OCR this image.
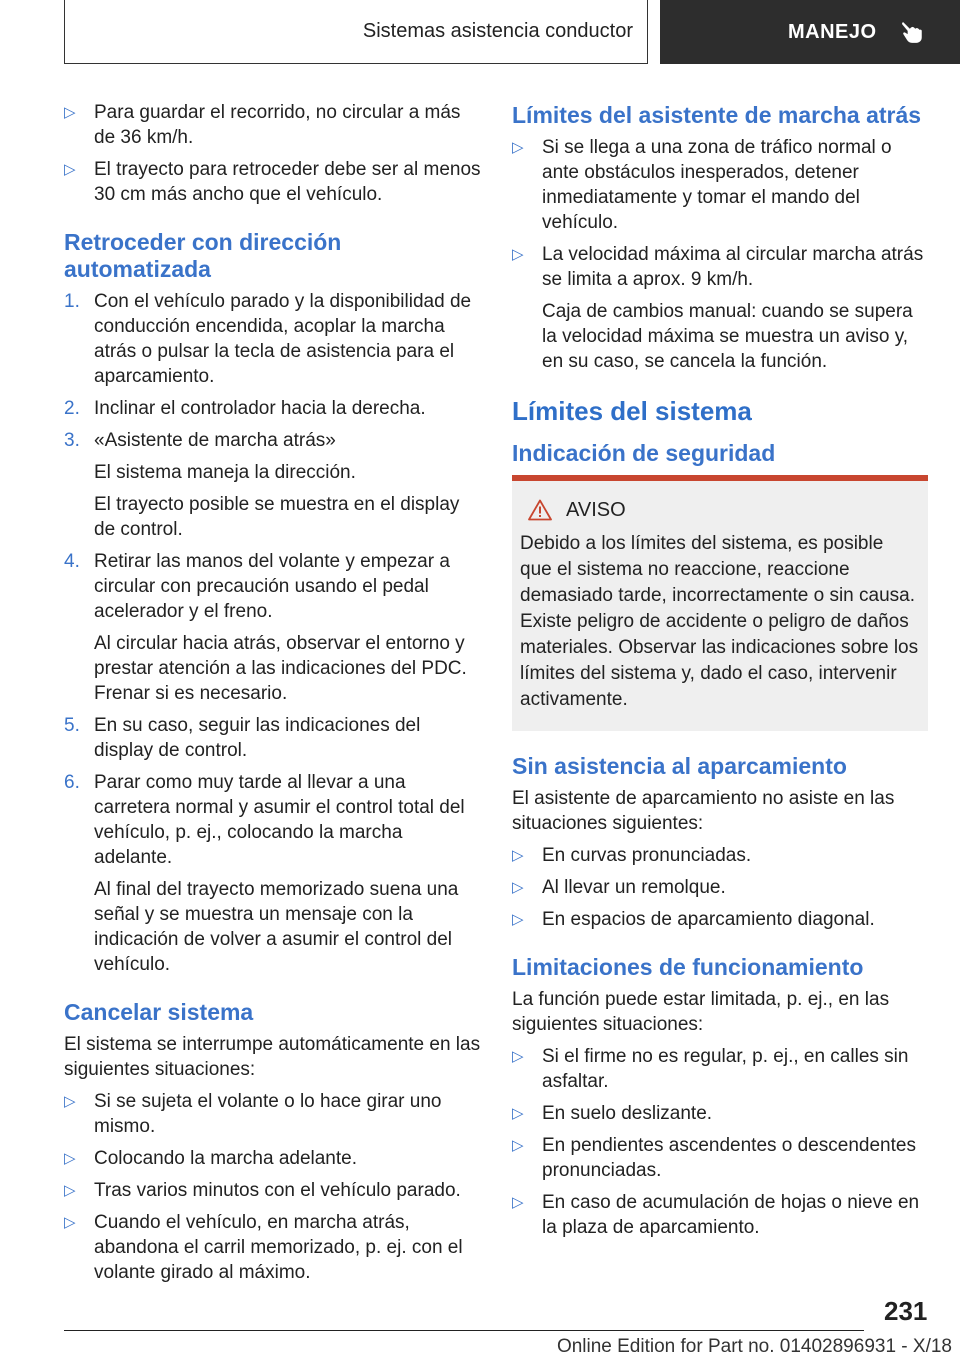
Sistemas asistencia conductor	MANEJO
▷ Para guardar el recorrido, no circular a más de 36 km/h.
▷ El trayecto para retroceder debe ser al menos 30 cm más ancho que el vehículo.
Retroceder con dirección automatizada
1. Con el vehículo parado y la disponibilidad de conducción encendida, acoplar la marcha atrás o pulsar la tecla de asistencia para el aparcamiento.
2. Inclinar el controlador hacia la derecha.
3. «Asistente de marcha atrás»
El sistema maneja la dirección.
El trayecto posible se muestra en el display de control.
4. Retirar las manos del volante y empezar a circular con precaución usando el pedal acelerador y el freno.
Al circular hacia atrás, observar el entorno y prestar atención a las indicaciones del PDC. Frenar si es necesario.
5. En su caso, seguir las indicaciones del display de control.
6. Parar como muy tarde al llevar a una carretera normal y asumir el control total del vehículo, p. ej., colocando la marcha adelante.
Al final del trayecto memorizado suena una señal y se muestra un mensaje con la indicación de volver a asumir el control del vehículo.
Cancelar sistema
El sistema se interrumpe automáticamente en las siguientes situaciones:
▷ Si se sujeta el volante o lo hace girar uno mismo.
▷ Colocando la marcha adelante.
▷ Tras varios minutos con el vehículo parado.
▷ Cuando el vehículo, en marcha atrás, abandona el carril memorizado, p. ej. con el volante girado al máximo.
Límites del asistente de marcha atrás
▷ Si se llega a una zona de tráfico normal o ante obstáculos inesperados, detener inmediatamente y tomar el mando del vehículo.
▷ La velocidad máxima al circular marcha atrás se limita a aprox. 9 km/h.
Caja de cambios manual: cuando se supera la velocidad máxima se muestra un aviso y, en su caso, se cancela la función.
Límites del sistema
Indicación de seguridad
AVISO
Debido a los límites del sistema, es posible que el sistema no reaccione, reaccione demasiado tarde, incorrectamente o sin causa. Existe peligro de accidente o peligro de daños materiales. Observar las indicaciones sobre los límites del sistema y, dado el caso, intervenir activamente.
Sin asistencia al aparcamiento
El asistente de aparcamiento no asiste en las situaciones siguientes:
▷ En curvas pronunciadas.
▷ Al llevar un remolque.
▷ En espacios de aparcamiento diagonal.
Limitaciones de funcionamiento
La función puede estar limitada, p. ej., en las siguientes situaciones:
▷ Si el firme no es regular, p. ej., en calles sin asfaltar.
▷ En suelo deslizante.
▷ En pendientes ascendentes o descendentes pronunciadas.
▷ En caso de acumulación de hojas o nieve en la plaza de aparcamiento.
231
Online Edition for Part no. 01402896931 - X/18
